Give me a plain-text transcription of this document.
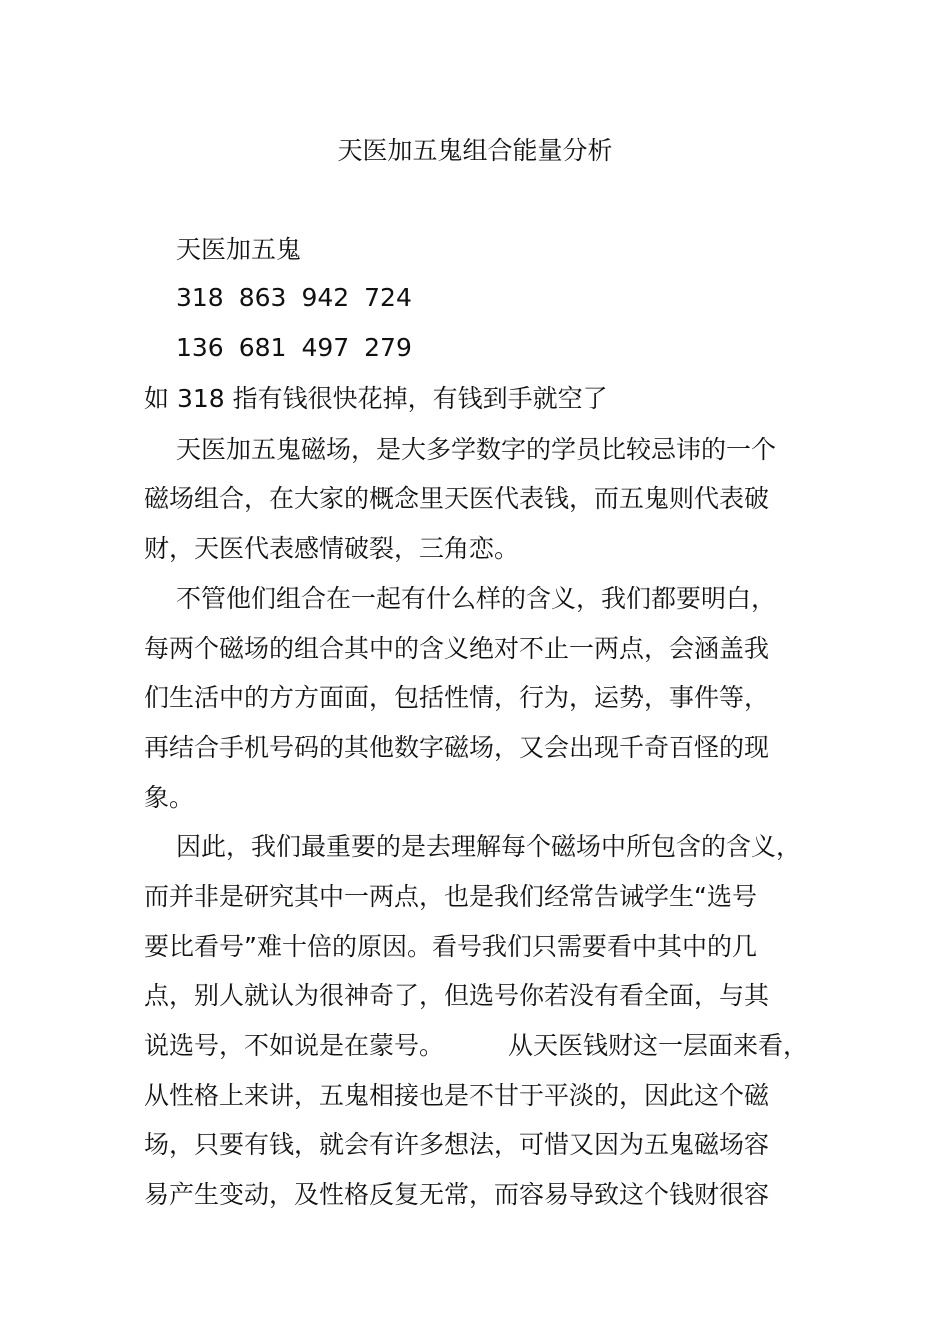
天医加五鬼组合能量分析
天医加五鬼
318 863 942 724
136 681 497 279
如 318 指有钱很快花掉，有钱到手就空了
天医加五鬼磁场，是大多学数字的学员比较忌讳的一个
磁场组合，在大家的概念里天医代表钱，而五鬼则代表破
财，天医代表感情破裂，三角恋。
不管他们组合在一起有什么样的含义，我们都要明白，
每两个磁场的组合其中的含义绝对不止一两点，会涵盖我
们生活中的方方面面，包括性情，行为，运势，事件等，
再结合手机号码的其他数字磁场，又会出现千奇百怪的现
象。
因此，我们最重要的是去理解每个磁场中所包含的含义，
而并非是研究其中一两点，也是我们经常告诫学生“选号
要比看号”难十倍的原因。看号我们只需要看中其中的几
点，别人就认为很神奇了，但选号你若没有看全面，与其
说选号，不如说是在蒙号。	从天医钱财这一层面来看，
从性格上来讲，五鬼相接也是不甘于平淡的，因此这个磁
场，只要有钱，就会有许多想法，可惜又因为五鬼磁场容
易产生变动，及性格反复无常，而容易导致这个钱财很容
